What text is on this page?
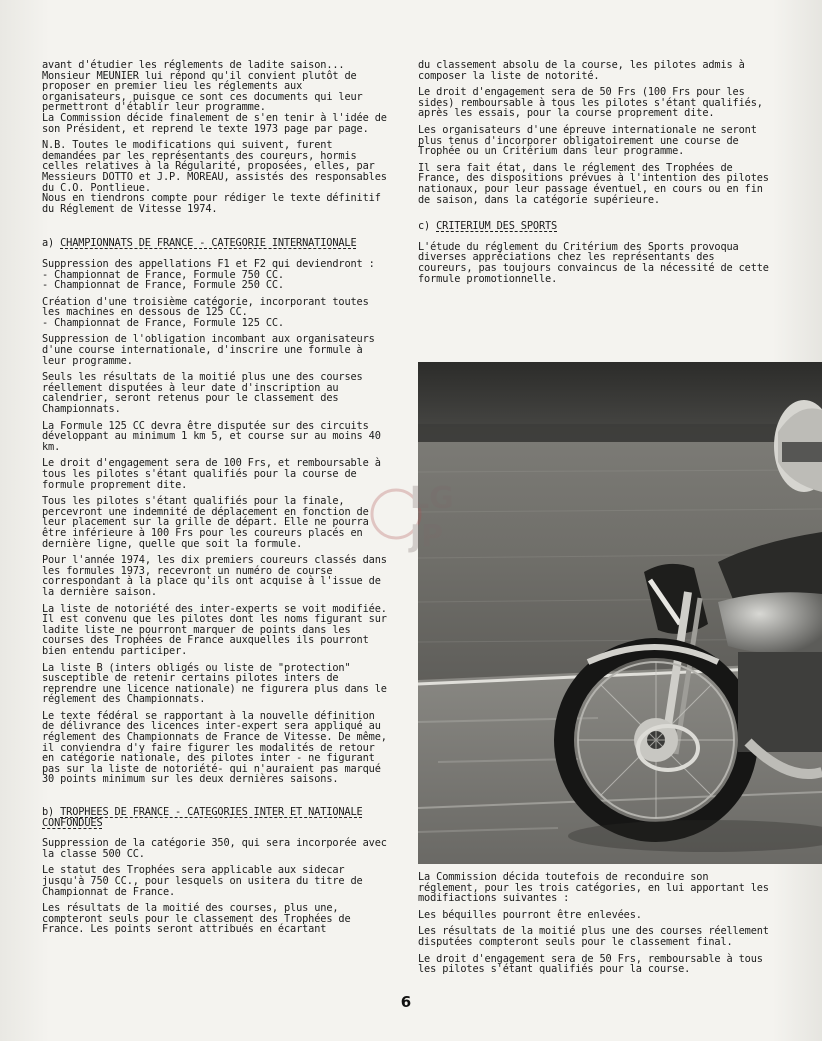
avant d'étudier les réglements de ladite saison... Monsieur MEUNIER lui répond qu'il convient plutôt de proposer en premier lieu les réglements aux organisateurs, puisque ce sont ces documents qui leur permettront d'établir leur programme.

La Commission décide finalement de s'en tenir à l'idée de son Président, et reprend le texte 1973 page par page.

N.B. Toutes le modifications qui suivent, furent demandées par les représentants des coureurs, hormis celles relatives à la Régularité, proposées, elles, par Messieurs DOTTO et J.P. MOREAU, assistés des responsables du C.O. Pontlieue.

Nous en tiendrons compte pour rédiger le texte définitif du Réglement de Vitesse 1974.

a) CHAMPIONNATS DE FRANCE - CATEGORIE INTERNATIONALE

Suppression des appellations F1 et F2 qui deviendront :
- Championnat de France, Formule 750 CC.
- Championnat de France, Formule 250 CC.

Création d'une troisième catégorie, incorporant toutes les machines en dessous de 125 CC.
- Championnat de France, Formule 125 CC.

Suppression de l'obligation incombant aux organisateurs d'une course internationale, d'inscrire une formule à leur programme.

Seuls les résultats de la moitié plus une des courses réellement disputées à leur date d'inscription au calendrier, seront retenus pour le classement des Championnats.

La Formule 125 CC devra être disputée sur des circuits développant au minimum 1 km 5, et course sur au moins 40 km.

Le droit d'engagement sera de 100 Frs, et remboursable à tous les pilotes s'étant qualifiés pour la course de formule proprement dite.

Tous les pilotes s'étant qualifiés pour la finale, percevront une indemnité de déplacement en fonction de leur placement sur la grille de départ. Elle ne pourra être inférieure à 100 Frs pour les coureurs placés en dernière ligne, quelle que soit la formule.

Pour l'année 1974, les dix premiers coureurs classés dans les formules 1973, recevront un numéro de course correspondant à la place qu'ils ont acquise à l'issue de la dernière saison.

La liste de notoriété des inter-experts se voit modifiée. Il est convenu que les pilotes dont les noms figurant sur ladite liste ne pourront marquer de points dans les courses des Trophées de France auxquelles ils pourront bien entendu participer.

La liste B (inters obligés ou liste de "protection" susceptible de retenir certains pilotes inters de reprendre une licence nationale) ne figurera plus dans le réglement des Championnats.

Le texte fédéral se rapportant à la nouvelle définition de délivrance des licences inter-expert sera appliqué au réglement des Championnats de France de Vitesse. De même, il conviendra d'y faire figurer les modalités de retour en catégorie nationale, des pilotes inter - ne figurant pas sur la liste de notoriété- qui n'auraient pas marqué 30 points minimum sur les deux dernières saisons.

b) TROPHEES DE FRANCE - CATEGORIES INTER ET NATIONALE CONFONDUES

Suppression de la catégorie 350, qui sera incorporée avec la classe 500 CC.

Le statut des Trophées sera applicable aux sidecar jusqu'à 750 CC., pour lesquels on usitera du titre de Championnat de France.

Les résultats de la moitié des courses, plus une, compteront seuls pour le classement des Trophées de France. Les points seront attribués en écartant

du classement absolu de la course, les pilotes admis à composer la liste de notorité.

Le droit d'engagement sera de 50 Frs (100 Frs pour les sides) remboursable à tous les pilotes s'étant qualifiés, après les essais, pour la course proprement dite.

Les organisateurs d'une épreuve internationale ne seront plus tenus d'incorporer obligatoirement une course de Trophée ou un Critérium dans leur programme.

Il sera fait état, dans le réglement des Trophées de France, des dispositions prévues à l'intention des pilotes nationaux, pour leur passage éventuel, en cours ou en fin de saison, dans la catégorie supérieure.

c) CRITERIUM DES SPORTS

L'étude du réglement du Critérium des Sports provoqua diverses appréciations chez les représentants des coureurs, pas toujours convaincus de la nécessité de cette formule promotionnelle.

La Commission décida toutefois de reconduire son réglement, pour les trois catégories, en lui apportant les modifiactions suivantes :

Les béquilles pourront être enlevées.

Les résultats de la moitié plus une des courses réellement disputées compteront seuls pour le classement final.

Le droit d'engagement sera de 50 Frs, remboursable à tous les pilotes s'étant qualifiés pour la course.

LG
JP
6
